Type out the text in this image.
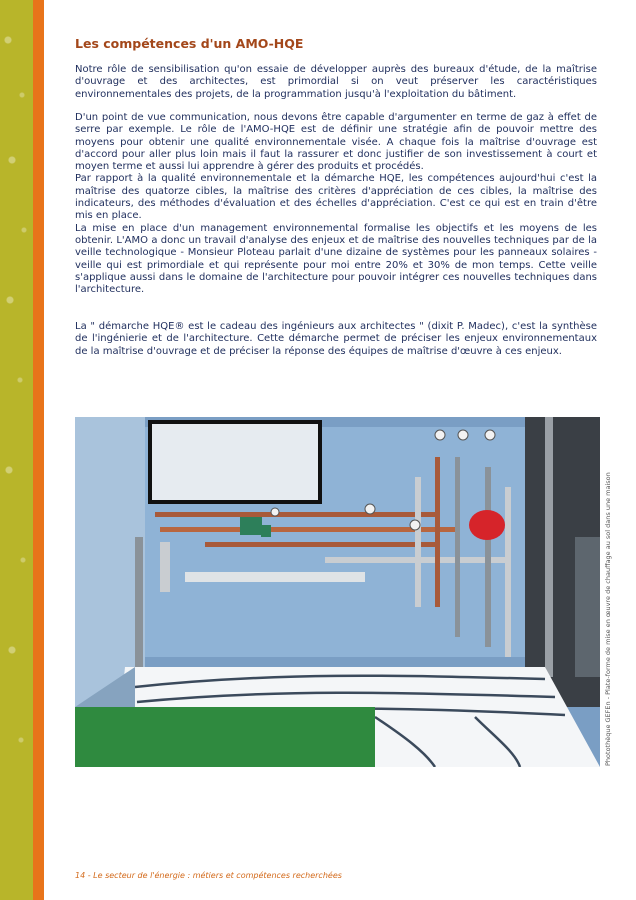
Les compétences d'un AMO-HQE

Notre rôle de sensibilisation qu'on essaie de développer auprès des bureaux d'étude, de la maîtrise d'ouvrage et des architectes, est primordial si on veut préserver les caractéristiques environnementales des projets, de la programmation jusqu'à l'exploitation du bâtiment.

D'un point de vue communication, nous devons être capable d'argumenter en terme de gaz à effet de serre par exemple. Le rôle de l'AMO-HQE est de définir une stratégie afin de pouvoir mettre des moyens pour obtenir une qualité environnementale visée. A chaque fois la maîtrise d'ouvrage est d'accord pour aller plus loin mais il faut la rassurer et donc justifier de son investissement à court et moyen terme et aussi lui apprendre à gérer des produits et procédés.
Par rapport à la qualité environnementale et la démarche HQE, les compétences aujourd'hui c'est la maîtrise des quatorze cibles, la maîtrise des critères d'appréciation de ces cibles, la maîtrise des indicateurs, des méthodes d'évaluation et des échelles d'appréciation. C'est ce qui est en train d'être mis en place.
La mise en place d'un management environnemental formalise les objectifs et les moyens de les obtenir. L'AMO a donc un travail d'analyse des enjeux et de maîtrise des nouvelles techniques par de la veille technologique - Monsieur Ploteau parlait d'une dizaine de systèmes pour les panneaux solaires - veille qui est primordiale et qui représente pour moi entre 20% et 30% de mon temps. Cette veille s'applique aussi dans le domaine de l'architecture pour pouvoir intégrer ces nouvelles techniques dans l'architecture.

La " démarche HQE® est le cadeau des ingénieurs aux architectes " (dixit P. Madec), c'est la synthèse de l'ingénierie et de l'architecture. Cette démarche permet de préciser les enjeux environnementaux de la maîtrise d'ouvrage et de préciser la réponse des équipes de maîtrise d'œuvre à ces enjeux.

Photothèque GEFEn - Plate-forme de mise en œuvre de chauffage au sol dans une maison
14 - Le secteur de l'énergie : métiers et compétences recherchées
